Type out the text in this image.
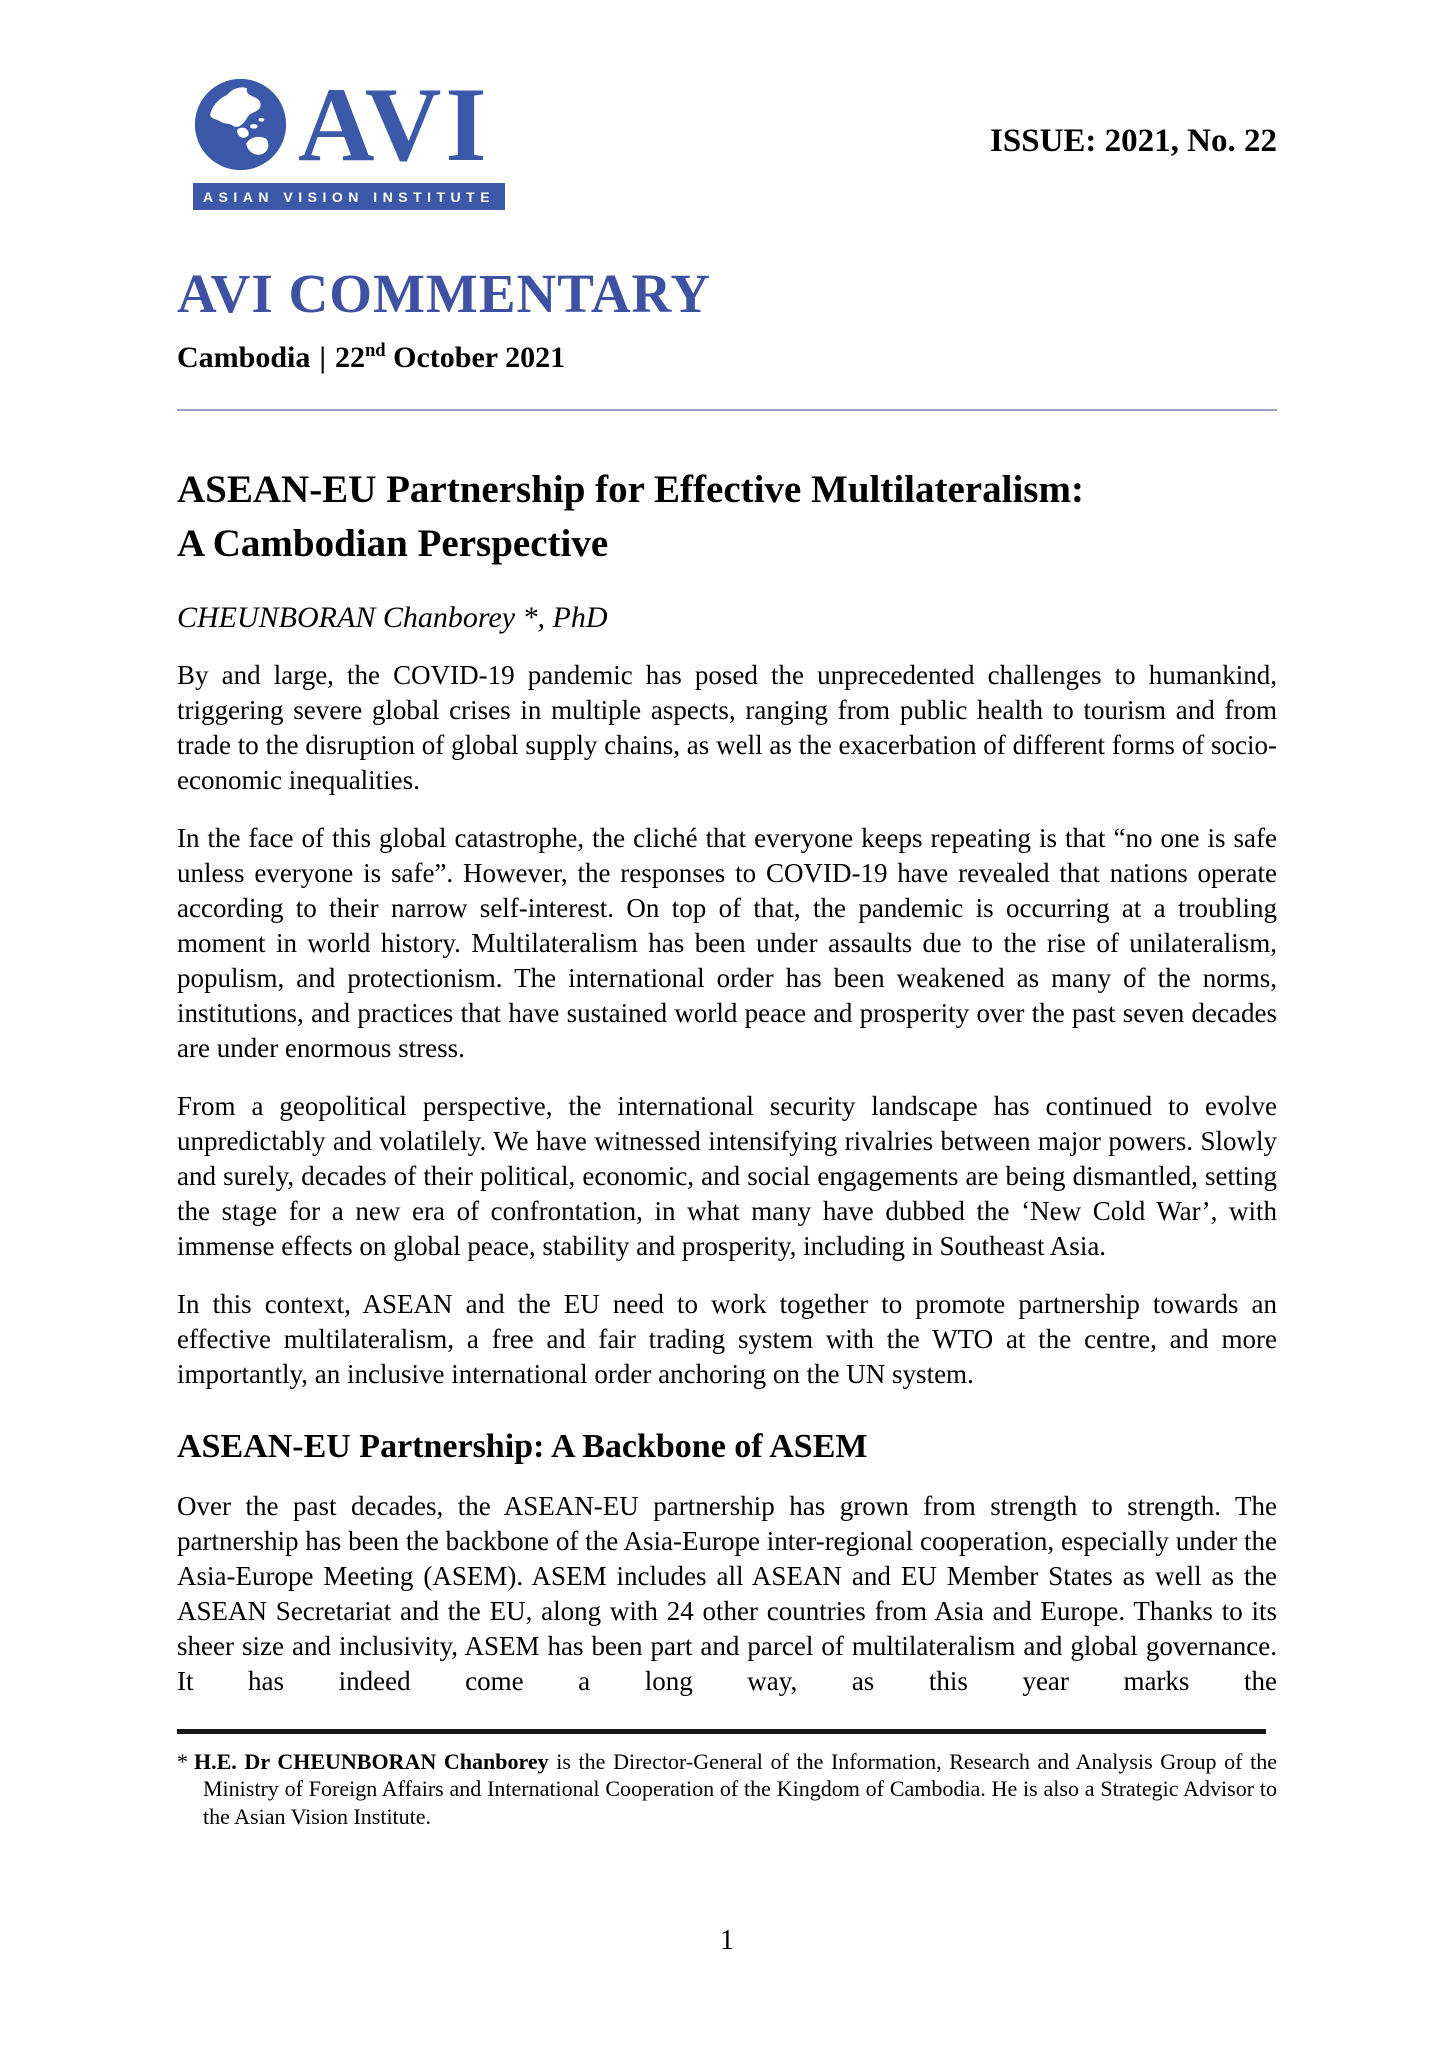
AVI
ASIAN VISION INSTITUTE
ISSUE: 2021, No. 22
AVI COMMENTARY
Cambodia | 22nd October 2021
ASEAN-EU Partnership for Effective Multilateralism:
A Cambodian Perspective
CHEUNBORAN Chanborey *, PhD

By and large, the COVID-19 pandemic has posed the unprecedented challenges to humankind, triggering severe global crises in multiple aspects, ranging from public health to tourism and from trade to the disruption of global supply chains, as well as the exacerbation of different forms of socio-economic inequalities.

In the face of this global catastrophe, the cliché that everyone keeps repeating is that “no one is safe unless everyone is safe”. However, the responses to COVID-19 have revealed that nations operate according to their narrow self-interest. On top of that, the pandemic is occurring at a troubling moment in world history. Multilateralism has been under assaults due to the rise of unilateralism, populism, and protectionism. The international order has been weakened as many of the norms, institutions, and practices that have sustained world peace and prosperity over the past seven decades are under enormous stress.

From a geopolitical perspective, the international security landscape has continued to evolve unpredictably and volatilely. We have witnessed intensifying rivalries between major powers. Slowly and surely, decades of their political, economic, and social engagements are being dismantled, setting the stage for a new era of confrontation, in what many have dubbed the ‘New Cold War’, with immense effects on global peace, stability and prosperity, including in Southeast Asia.

In this context, ASEAN and the EU need to work together to promote partnership towards an effective multilateralism, a free and fair trading system with the WTO at the centre, and more importantly, an inclusive international order anchoring on the UN system.

ASEAN-EU Partnership: A Backbone of ASEM

Over the past decades, the ASEAN-EU partnership has grown from strength to strength. The partnership has been the backbone of the Asia-Europe inter-regional cooperation, especially under the Asia-Europe Meeting (ASEM). ASEM includes all ASEAN and EU Member States as well as the ASEAN Secretariat and the EU, along with 24 other countries from Asia and Europe. Thanks to its sheer size and inclusivity, ASEM has been part and parcel of multilateralism and global governance. It has indeed come a long way, as this year marks the

* H.E. Dr CHEUNBORAN Chanborey is the Director-General of the Information, Research and Analysis Group of the Ministry of Foreign Affairs and International Cooperation of the Kingdom of Cambodia. He is also a Strategic Advisor to the Asian Vision Institute.
1
